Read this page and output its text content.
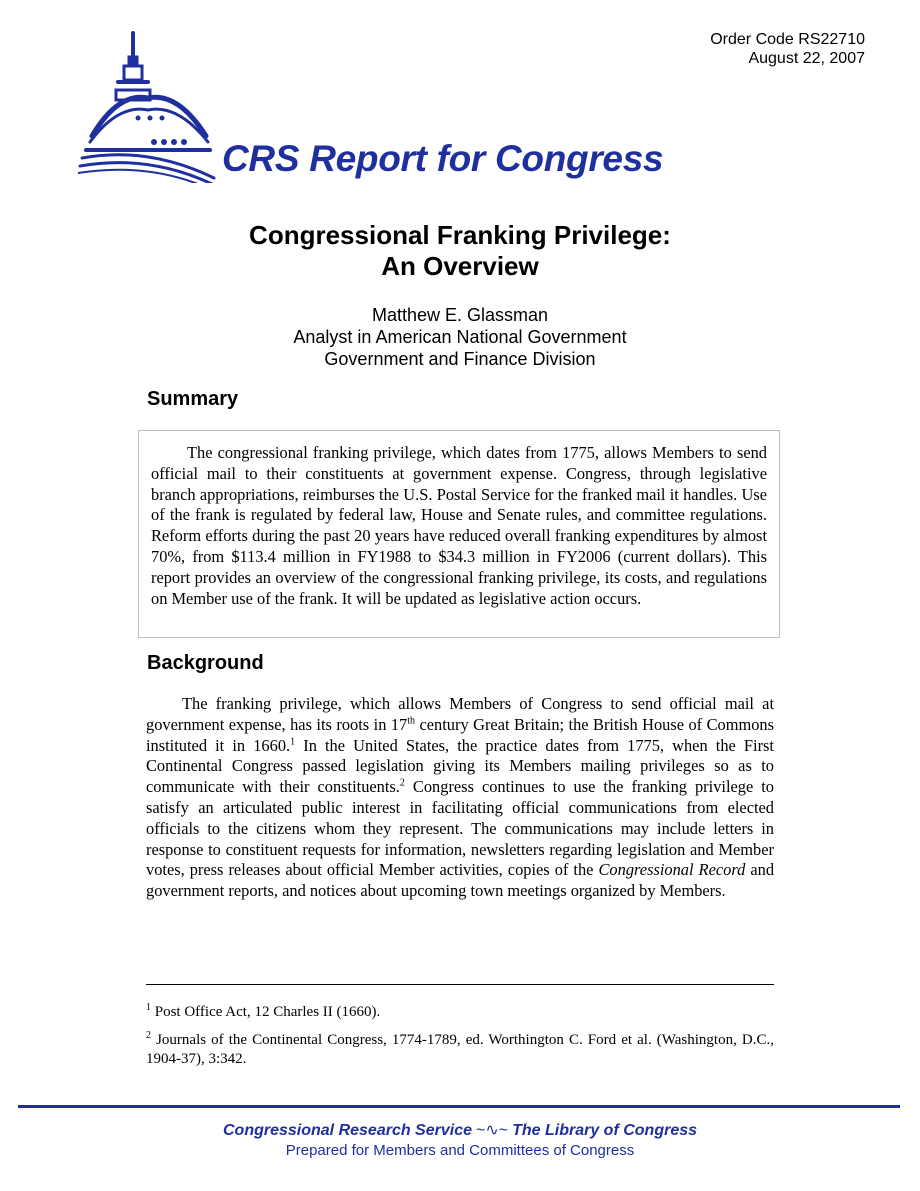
Order Code RS22710
August 22, 2007
CRS Report for Congress
Congressional Franking Privilege:
An Overview
Matthew E. Glassman
Analyst in American National Government
Government and Finance Division
Summary

The congressional franking privilege, which dates from 1775, allows Members to send official mail to their constituents at government expense. Congress, through legislative branch appropriations, reimburses the U.S. Postal Service for the franked mail it handles. Use of the frank is regulated by federal law, House and Senate rules, and committee regulations. Reform efforts during the past 20 years have reduced overall franking expenditures by almost 70%, from $113.4 million in FY1988 to $34.3 million in FY2006 (current dollars). This report provides an overview of the congressional franking privilege, its costs, and regulations on Member use of the frank. It will be updated as legislative action occurs.

Background

The franking privilege, which allows Members of Congress to send official mail at government expense, has its roots in 17th century Great Britain; the British House of Commons instituted it in 1660.$^1$ In the United States, the practice dates from 1775, when the First Continental Congress passed legislation giving its Members mailing privileges so as to communicate with their constituents.$^2$ Congress continues to use the franking privilege to satisfy an articulated public interest in facilitating official communications from elected officials to the citizens whom they represent. The communications may include letters in response to constituent requests for information, newsletters regarding legislation and Member votes, press releases about official Member activities, copies of the Congressional Record and government reports, and notices about upcoming town meetings organized by Members.

$^1$ Post Office Act, 12 Charles II (1660).

$^2$ Journals of the Continental Congress, 1774-1789, ed. Worthington C. Ford et al. (Washington, D.C., 1904-37), 3:342.

Congressional Research Service ~∿~ The Library of Congress
Prepared for Members and Committees of Congress
